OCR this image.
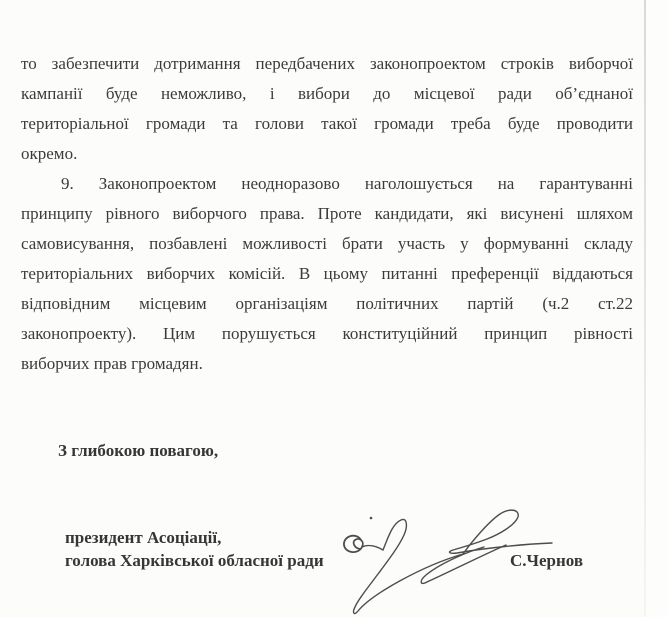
то забезпечити дотримання передбачених законопроектом строків виборчої
кампанії буде неможливо, і вибори до місцевої ради об’єднаної
територіальної громади та голови такої громади треба буде проводити
окремо.
9. Законопроектом неодноразово наголошується на гарантуванні
принципу рівного виборчого права. Проте кандидати, які висунені шляхом
самовисування, позбавлені можливості брати участь у формуванні складу
територіальних виборчих комісій. В цьому питанні преференції віддаються
відповідним місцевим організаціям політичних партій (ч.2 ст.22
законопроекту). Цим порушується конституційний принцип рівності
виборчих прав громадян.
З глибокою повагою,
президент Асоціації,
голова Харківської обласної ради	С.Чернов
